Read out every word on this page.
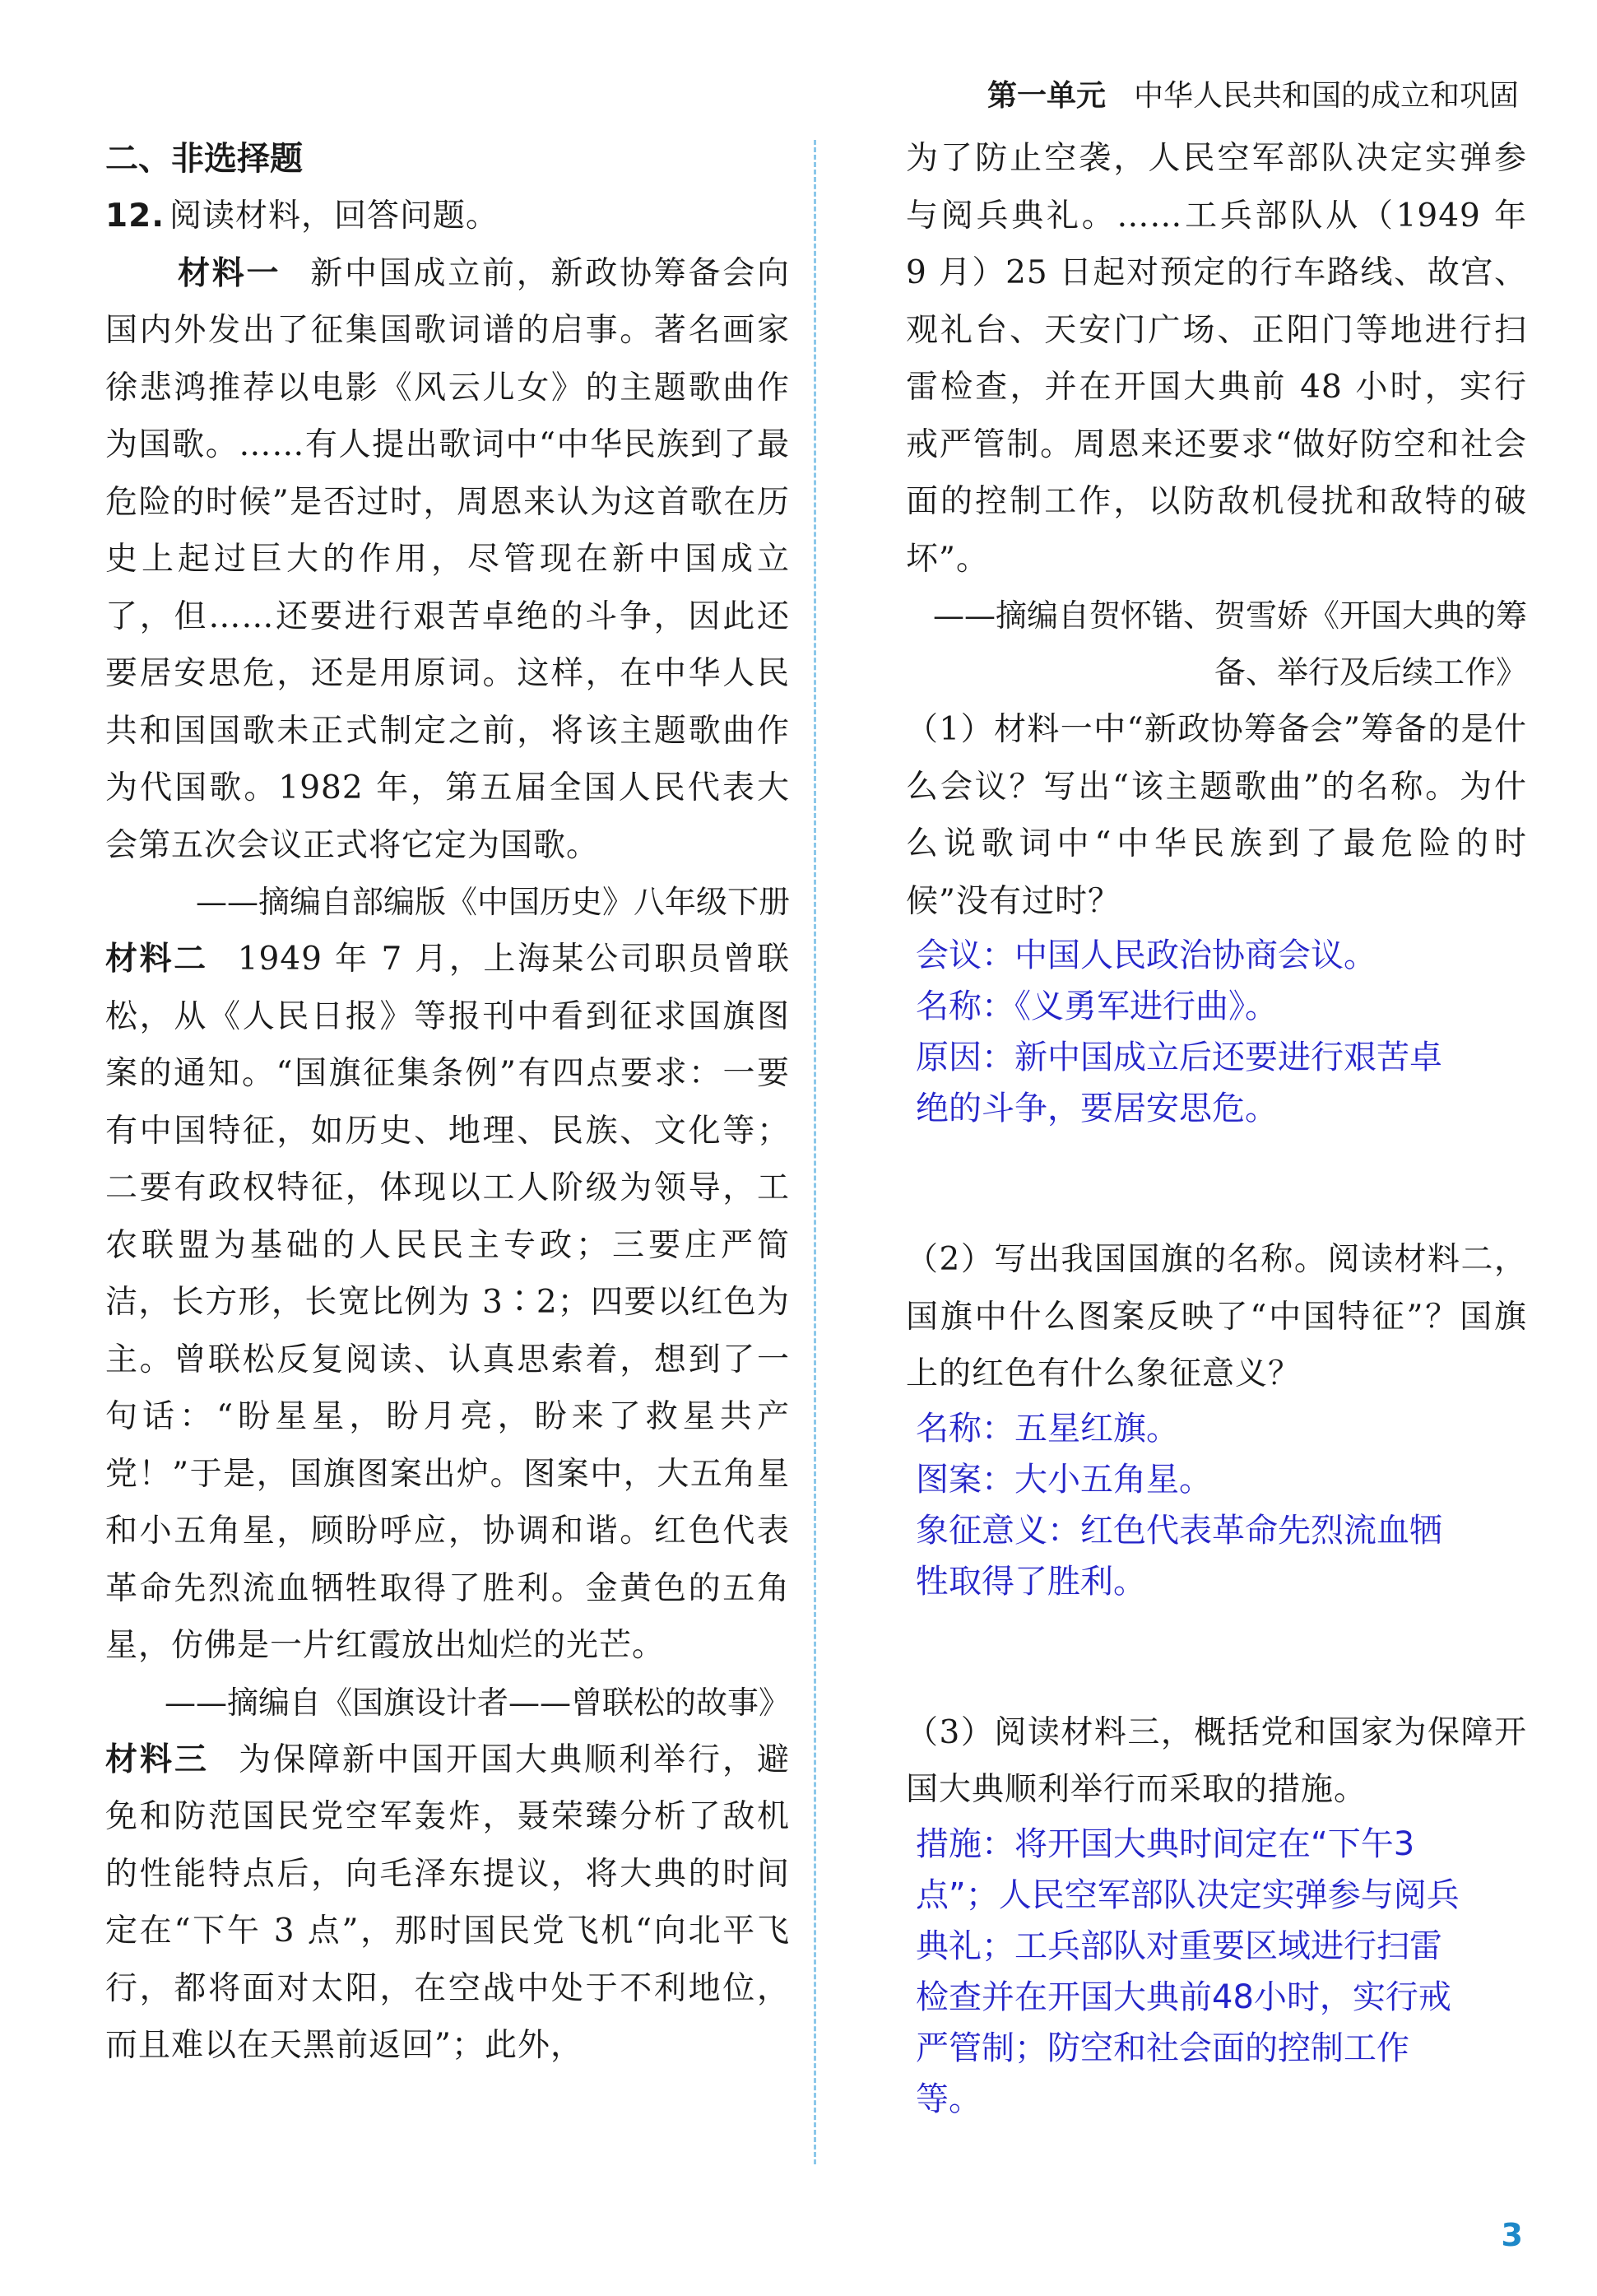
第一单元 中华人民共和国的成立和巩固

二、非选择题

12. 阅读材料，回答问题。

材料一 新中国成立前，新政协筹备会向国内外发出了征集国歌词谱的启事。著名画家徐悲鸿推荐以电影《风云儿女》的主题歌曲作为国歌。……有人提出歌词中“中华民族到了最危险的时候”是否过时，周恩来认为这首歌在历史上起过巨大的作用，尽管现在新中国成立了，但……还要进行艰苦卓绝的斗争，因此还要居安思危，还是用原词。这样，在中华人民共和国国歌未正式制定之前，将该主题歌曲作为代国歌。1982 年，第五届全国人民代表大会第五次会议正式将它定为国歌。

——摘编自部编版《中国历史》八年级下册

材料二 1949 年 7 月，上海某公司职员曾联松，从《人民日报》等报刊中看到征求国旗图案的通知。“国旗征集条例”有四点要求：一要有中国特征，如历史、地理、民族、文化等；二要有政权特征，体现以工人阶级为领导，工农联盟为基础的人民民主专政；三要庄严简洁，长方形，长宽比例为 3∶2；四要以红色为主。曾联松反复阅读、认真思索着，想到了一句话：“盼星星，盼月亮，盼来了救星共产党！”于是，国旗图案出炉。图案中，大五角星和小五角星，顾盼呼应，协调和谐。红色代表革命先烈流血牺牲取得了胜利。金黄色的五角星，仿佛是一片红霞放出灿烂的光芒。

——摘编自《国旗设计者——曾联松的故事》

材料三 为保障新中国开国大典顺利举行，避免和防范国民党空军轰炸，聂荣臻分析了敌机的性能特点后，向毛泽东提议，将大典的时间定在“下午 3 点”，那时国民党飞机“向北平飞行，都将面对太阳，在空战中处于不利地位，而且难以在天黑前返回”；此外，

为了防止空袭，人民空军部队决定实弹参与阅兵典礼。……工兵部队从（1949 年 9 月）25 日起对预定的行车路线、故宫、观礼台、天安门广场、正阳门等地进行扫雷检查，并在开国大典前 48 小时，实行戒严管制。周恩来还要求“做好防空和社会面的控制工作，以防敌机侵扰和敌特的破坏”。

——摘编自贺怀锴、贺雪娇《开国大典的筹

备、举行及后续工作》

（1）材料一中“新政协筹备会”筹备的是什么会议？写出“该主题歌曲”的名称。为什么说歌词中“中华民族到了最危险的时候”没有过时？

会议：中国人民政治协商会议。
名称：《义勇军进行曲》。
原因：新中国成立后还要进行艰苦卓
绝的斗争，要居安思危。

（2）写出我国国旗的名称。阅读材料二，国旗中什么图案反映了“中国特征”？国旗上的红色有什么象征意义？

名称：五星红旗。
图案：大小五角星。
象征意义：红色代表革命先烈流血牺
牲取得了胜利。

（3）阅读材料三，概括党和国家为保障开国大典顺利举行而采取的措施。

措施：将开国大典时间定在“下午3
点”；人民空军部队决定实弹参与阅兵
典礼；工兵部队对重要区域进行扫雷
检查并在开国大典前48小时，实行戒
严管制；防空和社会面的控制工作
等。
3
